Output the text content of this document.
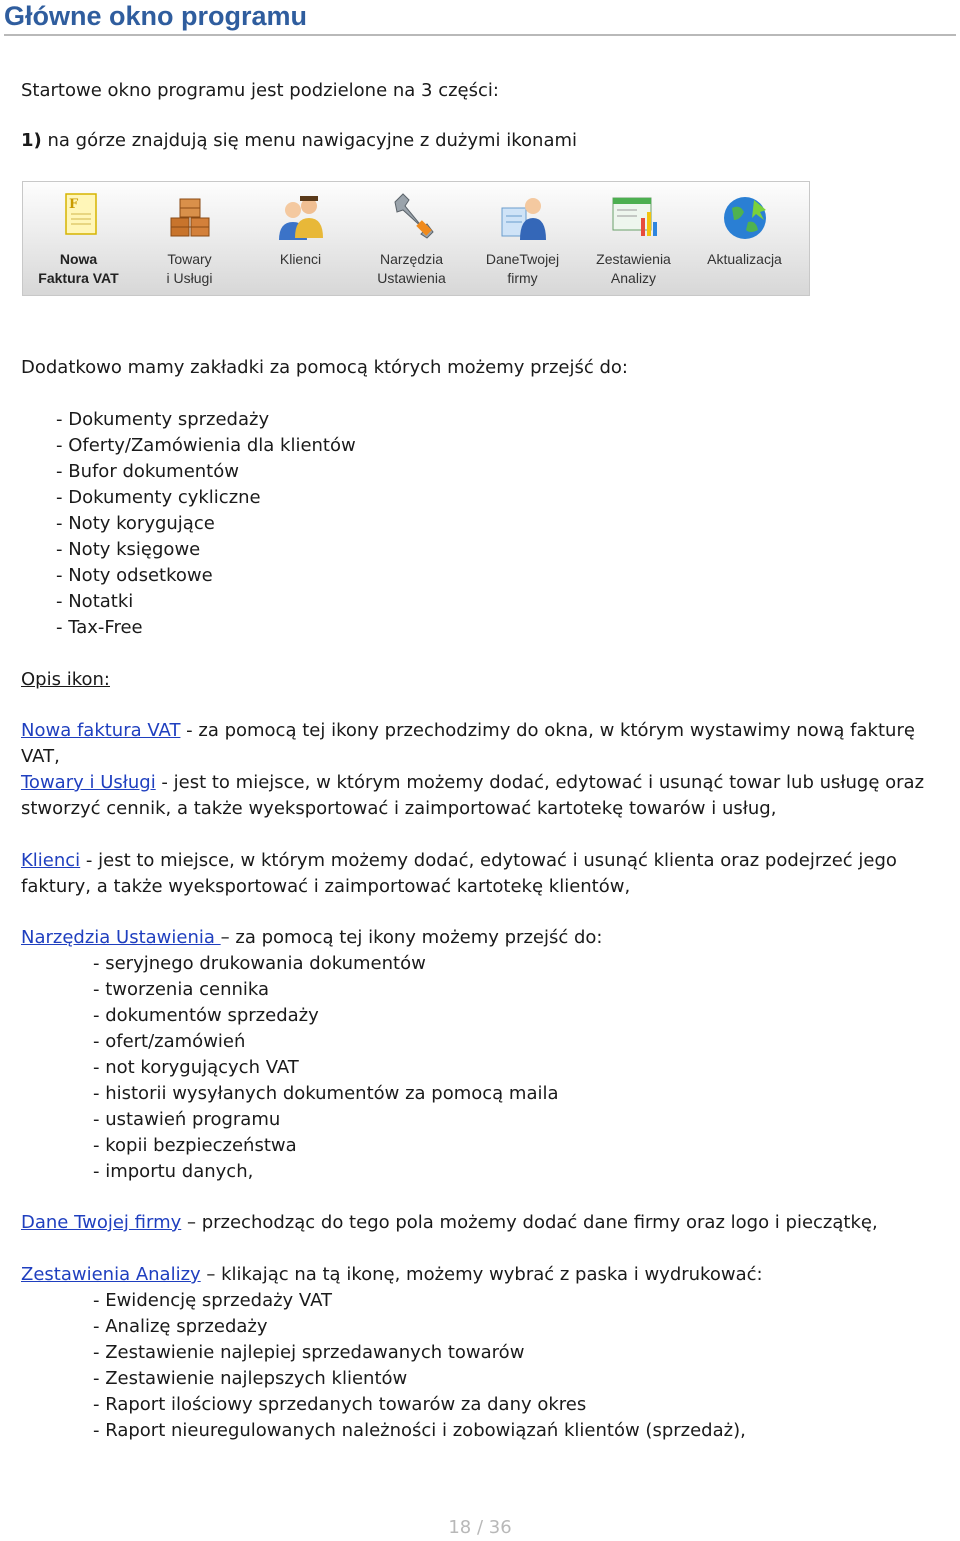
Główne okno programu
Startowe okno programu jest podzielone na 3 części:
1) na górze znajdują się menu nawigacyjne z dużymi ikonami
F
Nowa
Faktura VAT
Towary
i Usługi
Klienci	Narzędzia
Ustawienia
DaneTwojej
firmy
Zestawienia
Analizy
Aktualizacja
Dodatkowo mamy zakładki za pomocą których możemy przejść do:
- Dokumenty sprzedaży
- Oferty/Zamówienia dla klientów
- Bufor dokumentów
- Dokumenty cykliczne
- Noty korygujące
- Noty księgowe
- Noty odsetkowe
- Notatki
- Tax-Free
Opis ikon:
Nowa faktura VAT - za pomocą tej ikony przechodzimy do okna, w którym wystawimy nową fakturę VAT,
Towary i Usługi - jest to miejsce, w którym możemy dodać, edytować i usunąć towar lub usługę oraz stworzyć cennik, a także wyeksportować i zaimportować kartotekę towarów i usług,
Klienci - jest to miejsce, w którym możemy dodać, edytować i usunąć klienta oraz podejrzeć jego faktury, a także wyeksportować i zaimportować kartotekę klientów,
Narzędzia Ustawienia – za pomocą tej ikony możemy przejść do:
- seryjnego drukowania dokumentów
- tworzenia cennika
- dokumentów sprzedaży
- ofert/zamówień
- not korygujących VAT
- historii wysyłanych dokumentów za pomocą maila
- ustawień programu
- kopii bezpieczeństwa
- importu danych,
Dane Twojej firmy – przechodząc do tego pola możemy dodać dane firmy oraz logo i pieczątkę,
Zestawienia Analizy – klikając na tą ikonę, możemy wybrać z paska i wydrukować:
- Ewidencję sprzedaży VAT
- Analizę sprzedaży
- Zestawienie najlepiej sprzedawanych towarów
- Zestawienie najlepszych klientów
- Raport ilościowy sprzedanych towarów za dany okres
- Raport nieuregulowanych należności i zobowiązań klientów (sprzedaż),
18 / 36
